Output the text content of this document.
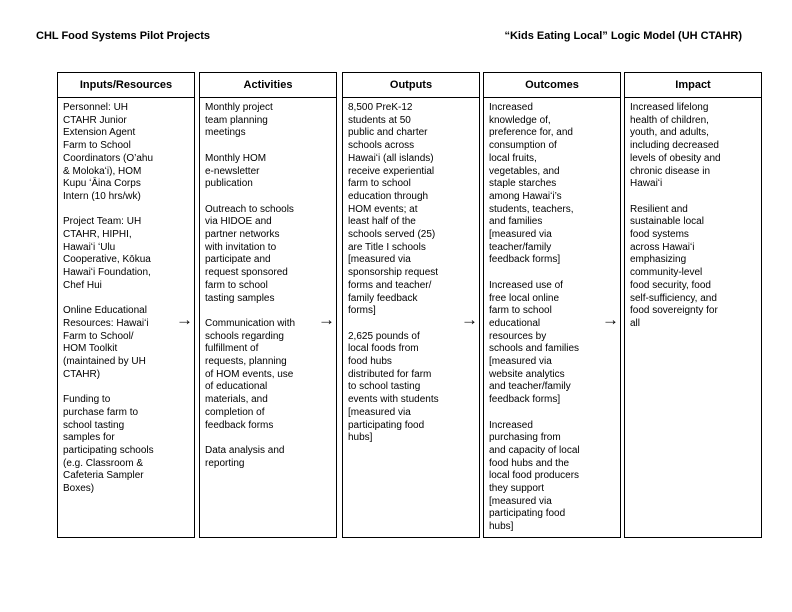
CHL Food Systems Pilot Projects	“Kids Eating Local” Logic Model (UH CTAHR)
Inputs/Resources

Personnel: UH
CTAHR Junior
Extension Agent
Farm to School
Coordinators (O’ahu
& Molokaʻi), HOM
Kupu ʻĀina Corps
Intern (10 hrs/wk)

Project Team: UH
CTAHR, HIPHI,
Hawaiʻi ʻUlu
Cooperative, Kōkua
Hawaiʻi Foundation,
Chef Hui

Online Educational
Resources: Hawaiʻi
Farm to School/
HOM Toolkit
(maintained by UH
CTAHR)

Funding to
purchase farm to
school tasting
samples for
participating schools
(e.g. Classroom &
Cafeteria Sampler
Boxes)

→
Activities

Monthly project
team planning
meetings

Monthly HOM
e-newsletter
publication

Outreach to schools
via HIDOE and
partner networks
with invitation to
participate and
request sponsored
farm to school
tasting samples

Communication with
schools regarding
fulfillment of
requests, planning
of HOM events, use
of educational
materials, and
completion of
feedback forms

Data analysis and
reporting

→
Outputs

8,500 PreK-12
students at 50
public and charter
schools across
Hawaiʻi (all islands)
receive experiential
farm to school
education through
HOM events; at
least half of the
schools served (25)
are Title I schools
[measured via
sponsorship request
forms and teacher/
family feedback
forms]

2,625 pounds of
local foods from
food hubs
distributed for farm
to school tasting
events with students
[measured via
participating food
hubs]

→
Outcomes

Increased
knowledge of,
preference for, and
consumption of
local fruits,
vegetables, and
staple starches
among Hawaiʻi’s
students, teachers,
and families
[measured via
teacher/family
feedback forms]

Increased use of
free local online
farm to school
educational
resources by
schools and families
[measured via
website analytics
and teacher/family
feedback forms]

Increased
purchasing from
and capacity of local
food hubs and the
local food producers
they support
[measured via
participating food
hubs]

→
Impact

Increased lifelong
health of children,
youth, and adults,
including decreased
levels of obesity and
chronic disease in
Hawaiʻi

Resilient and
sustainable local
food systems
across Hawaiʻi
emphasizing
community-level
food security, food
self-sufficiency, and
food sovereignty for
all
